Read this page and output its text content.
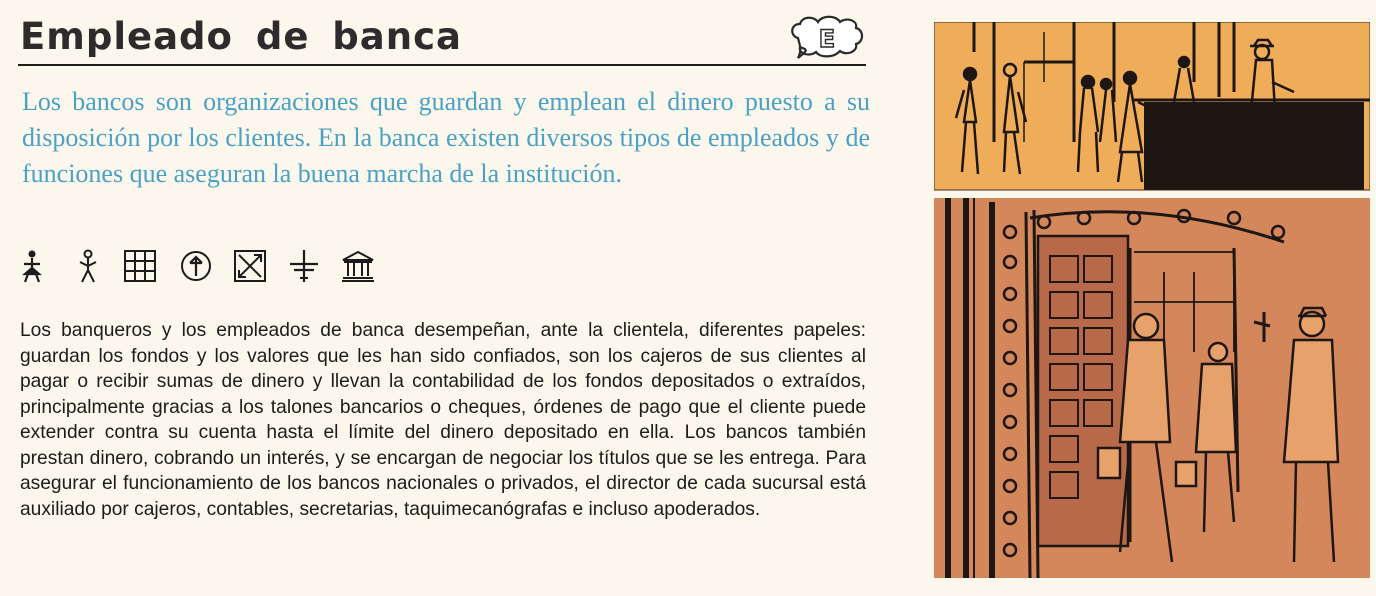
Empleado de banca	E
Los bancos son organizaciones que guardan y emplean el dinero puesto a su disposición por los clientes. En la banca existen diversos tipos de empleados y de funciones que aseguran la buena marcha de la institución.
Los banqueros y los empleados de banca desempeñan, ante la clientela, diferentes papeles: guardan los fondos y los valores que les han sido confiados, son los cajeros de sus clientes al pagar o recibir sumas de dinero y llevan la contabilidad de los fondos depositados o extraídos, principalmente gracias a los talones bancarios o cheques, órdenes de pago que el cliente puede extender contra su cuenta hasta el límite del dinero depositado en ella. Los bancos también prestan dinero, cobrando un interés, y se encargan de negociar los títulos que se les entrega. Para asegurar el funcionamiento de los bancos nacionales o privados, el director de cada sucursal está auxiliado por cajeros, contables, secretarias, taquimecanógrafas e incluso apoderados.
